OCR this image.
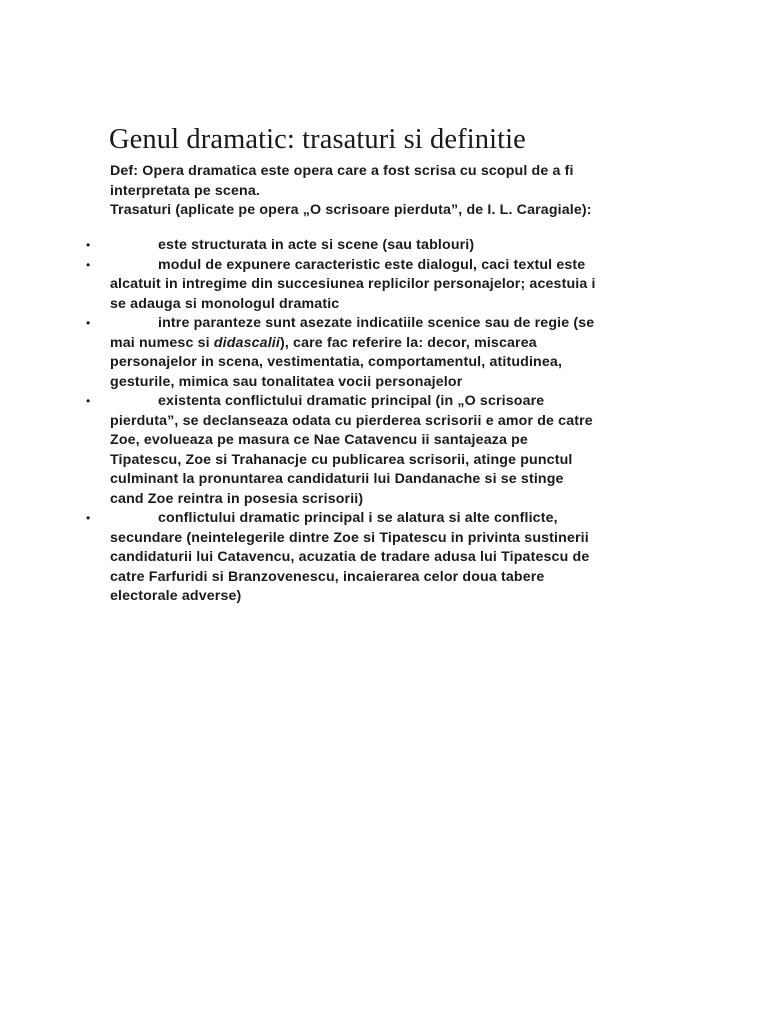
Genul dramatic: trasaturi si definitie
Def: Opera dramatica este opera care a fost scrisa cu scopul de a fi
interpretata pe scena.
Trasaturi (aplicate pe opera „O scrisoare pierduta”, de I. L. Caragiale):
•	este structurata in acte si scene (sau tablouri)
•	modul de expunere caracteristic este dialogul, caci textul este
alcatuit in intregime din succesiunea replicilor personajelor; acestuia i
se adauga si monologul dramatic
•	intre paranteze sunt asezate indicatiile scenice sau de regie (se
mai numesc si didascalii), care fac referire la: decor, miscarea
personajelor in scena, vestimentatia, comportamentul, atitudinea,
gesturile, mimica sau tonalitatea vocii personajelor
•	existenta conflictului dramatic principal (in „O scrisoare
pierduta”, se declanseaza odata cu pierderea scrisorii e amor de catre
Zoe, evolueaza pe masura ce Nae Catavencu ii santajeaza pe
Tipatescu, Zoe si Trahanacje cu publicarea scrisorii, atinge punctul
culminant la pronuntarea candidaturii lui Dandanache si se stinge
cand Zoe reintra in posesia scrisorii)
•	conflictului dramatic principal i se alatura si alte conflicte,
secundare (neintelegerile dintre Zoe si Tipatescu in privinta sustinerii
candidaturii lui Catavencu, acuzatia de tradare adusa lui Tipatescu de
catre Farfuridi si Branzovenescu, incaierarea celor doua tabere
electorale adverse)
